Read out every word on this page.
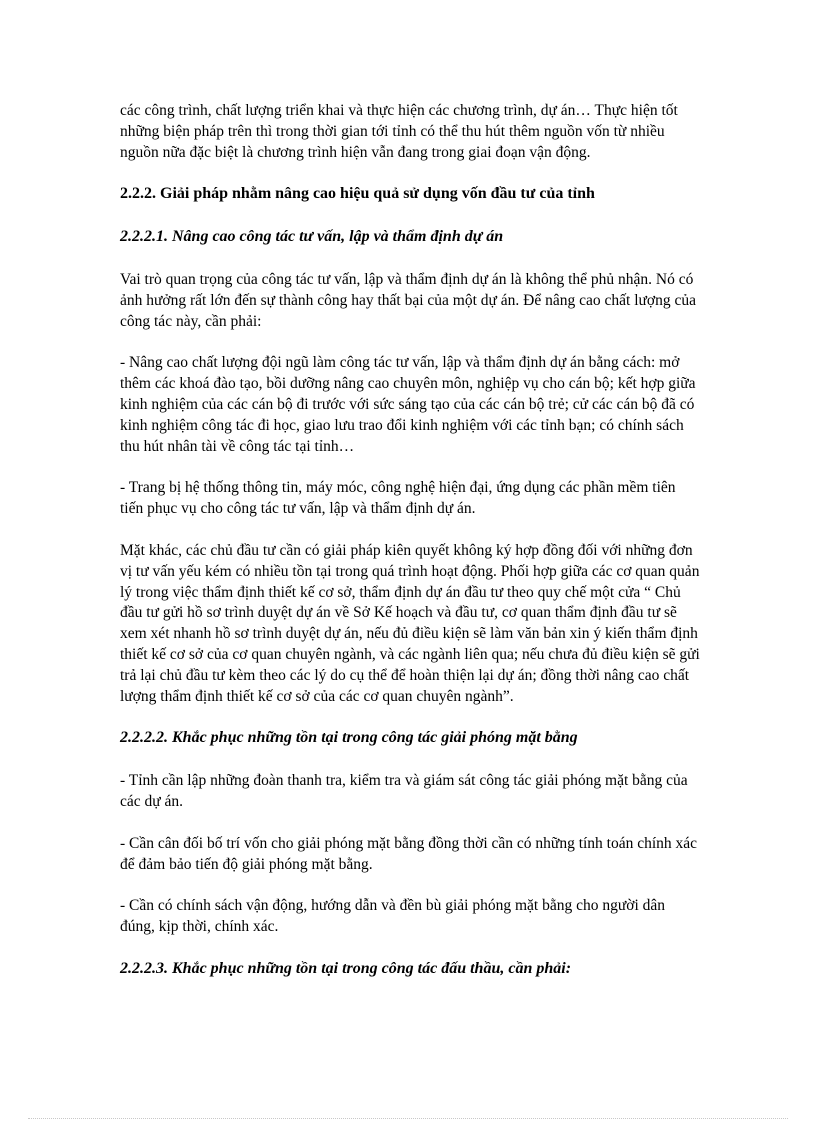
các công trình, chất lượng triển khai và thực hiện các chương trình, dự án… Thực hiện tốt những biện pháp trên thì trong thời gian tới tỉnh có thể thu hút thêm nguồn vốn từ nhiều nguồn nữa đặc biệt là chương trình hiện vẫn đang trong giai đoạn vận động.

2.2.2. Giải pháp nhằm nâng cao hiệu quả sử dụng vốn đầu tư của tỉnh

2.2.2.1. Nâng cao công tác tư vấn, lập và thẩm định dự án

Vai trò quan trọng của công tác tư vấn, lập và thẩm định dự án là không thể phủ nhận. Nó có ảnh hưởng rất lớn đến sự thành công hay thất bại của một dự án. Để nâng cao chất lượng của công tác này, cần phải:

- Nâng cao chất lượng đội ngũ làm công tác tư vấn, lập và thẩm định dự án bằng cách: mở thêm các khoá đào tạo, bồi dưỡng nâng cao chuyên môn, nghiệp vụ cho cán bộ; kết hợp giữa kinh nghiệm của các cán bộ đi trước với sức sáng tạo của các cán bộ trẻ; cử các cán bộ đã có kinh nghiệm công tác đi học, giao lưu trao đổi kinh nghiệm với các tỉnh bạn; có chính sách thu hút nhân tài về công tác tại tỉnh…

- Trang bị hệ thống thông tin, máy móc, công nghệ hiện đại, ứng dụng các phần mềm tiên tiến phục vụ cho công tác tư vấn, lập và thẩm định dự án.

Mặt khác, các chủ đầu tư cần có giải pháp kiên quyết không ký hợp đồng đối với những đơn vị tư vấn yếu kém có nhiều tồn tại trong quá trình hoạt động. Phối hợp giữa các cơ quan quản lý trong việc thẩm định thiết kế cơ sở, thẩm định dự án đầu tư theo quy chế một cửa “ Chủ đầu tư gửi hồ sơ trình duyệt dự án về Sở Kế hoạch và đầu tư, cơ quan thẩm định đầu tư sẽ xem xét nhanh hồ sơ trình duyệt dự án, nếu đủ điều kiện sẽ làm văn bản xin ý kiến thẩm định thiết kế cơ sở của cơ quan chuyên ngành, và các ngành liên qua; nếu chưa đủ điều kiện sẽ gửi trả lại chủ đầu tư kèm theo các lý do cụ thể để hoàn thiện lại dự án; đồng thời nâng cao chất lượng thẩm định thiết kế cơ sở của các cơ quan chuyên ngành”.

2.2.2.2. Khắc phục những tồn tại trong công tác giải phóng mặt bằng

- Tỉnh cần lập những đoàn thanh tra, kiểm tra và giám sát công tác giải phóng mặt bằng của các dự án.

- Cần cân đối bố trí vốn cho giải phóng mặt bằng đồng thời cần có những tính toán chính xác để đảm bảo tiến độ giải phóng mặt bằng.

- Cần có chính sách vận động, hướng dẫn và đền bù giải phóng mặt bằng cho người dân đúng, kịp thời, chính xác.

2.2.2.3. Khắc phục những tồn tại trong công tác đấu thầu, cần phải:
